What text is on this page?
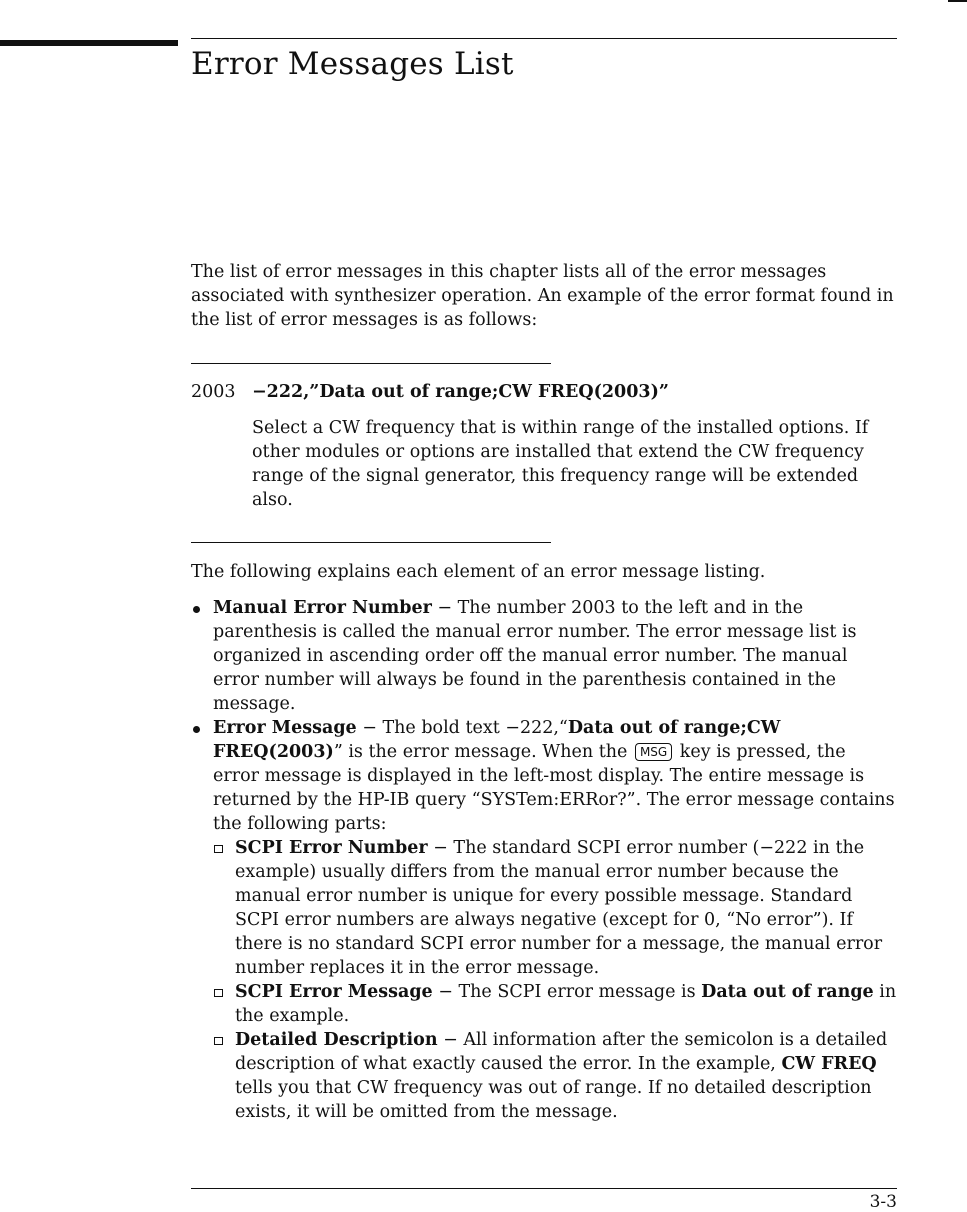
Error Messages List

The list of error messages in this chapter lists all of the error messages associated with synthesizer operation. An example of the error format found in the list of error messages is as follows:

2003 −222,”Data out of range;CW FREQ(2003)”

Select a CW frequency that is within range of the installed options. If other modules or options are installed that extend the CW frequency range of the signal generator, this frequency range will be extended also.

The following explains each element of an error message listing.

Manual Error Number − The number 2003 to the left and in the parenthesis is called the manual error number. The error message list is organized in ascending order off the manual error number. The manual error number will always be found in the parenthesis contained in the message.
Error Message − The bold text −222,“Data out of range;CW FREQ(2003)” is the error message. When the MSG key is pressed, the error message is displayed in the left-most display. The entire message is returned by the HP-IB query “SYSTem:ERRor?”. The error message contains the following parts:
SCPI Error Number − The standard SCPI error number (−222 in the example) usually differs from the manual error number because the manual error number is unique for every possible message. Standard SCPI error numbers are always negative (except for 0, “No error”). If there is no standard SCPI error number for a message, the manual error number replaces it in the error message.
SCPI Error Message − The SCPI error message is Data out of range in the example.
Detailed Description − All information after the semicolon is a detailed description of what exactly caused the error. In the example, CW FREQ tells you that CW frequency was out of range. If no detailed description exists, it will be omitted from the message.
3-3
